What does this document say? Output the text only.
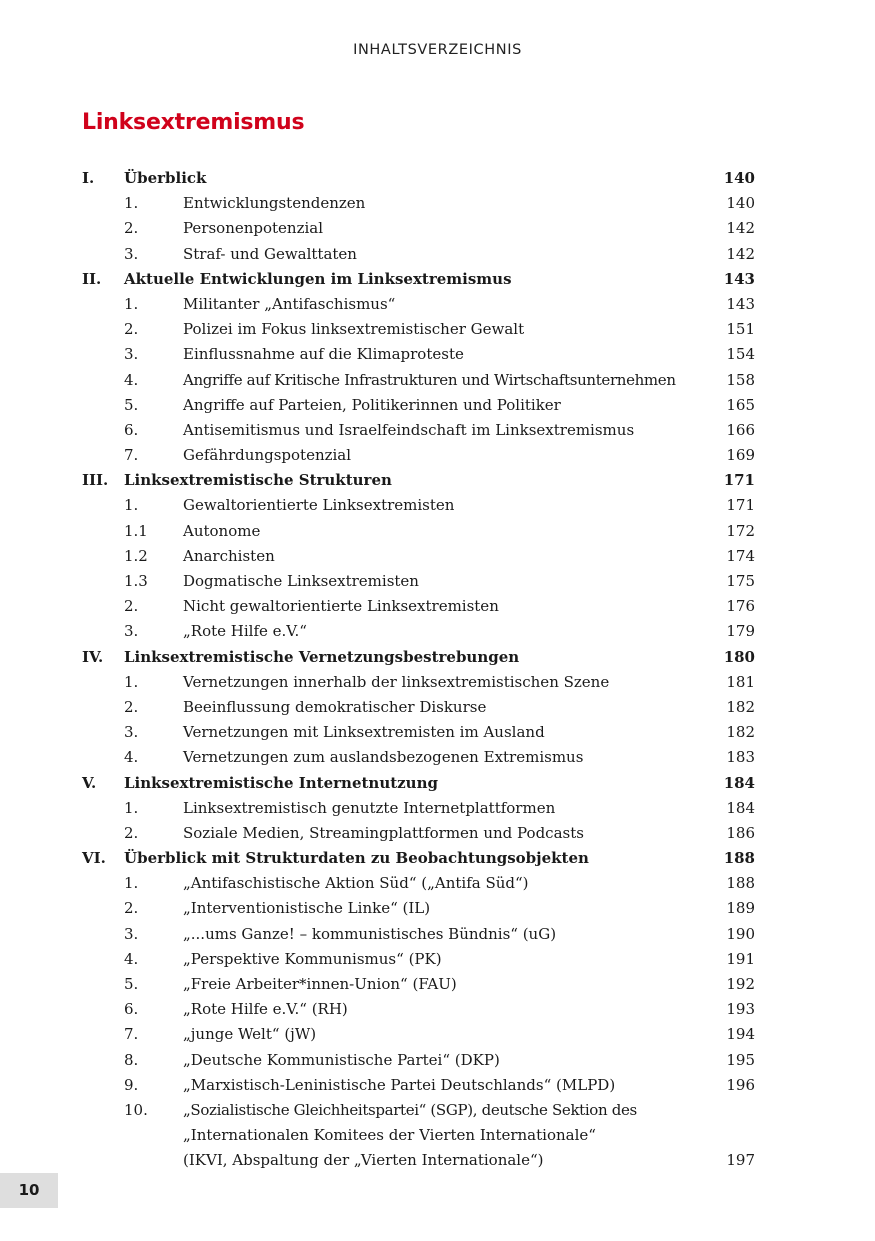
INHALTSVERZEICHNIS
Linksextremismus
I. Überblick	140
1.	Entwicklungstendenzen	140
2.	Personenpotenzial	142
3.	Straf- und Gewalttaten	142
II. Aktuelle Entwicklungen im Linksextremismus	143
1.	Militanter „Antifaschismus“	143
2.	Polizei im Fokus linksextremistischer Gewalt	151
3.	Einflussnahme auf die Klimaproteste	154
4.	Angriffe auf Kritische Infrastrukturen und Wirtschaftsunternehmen	158
5.	Angriffe auf Parteien, Politikerinnen und Politiker	165
6.	Antisemitismus und Israelfeindschaft im Linksextremismus	166
7.	Gefährdungspotenzial	169
III. Linksextremistische Strukturen	171
1.	Gewaltorientierte Linksextremisten	171
1.1 Autonome	172
1.2 Anarchisten	174
1.3 Dogmatische Linksextremisten	175
2.	Nicht gewaltorientierte Linksextremisten	176
3.	„Rote Hilfe e.V.“	179
IV. Linksextremistische Vernetzungsbestrebungen	180
1.	Vernetzungen innerhalb der linksextremistischen Szene	181
2.	Beeinflussung demokratischer Diskurse	182
3.	Vernetzungen mit Linksextremisten im Ausland	182
4.	Vernetzungen zum auslandsbezogenen Extremismus	183
V. Linksextremistische Internetnutzung	184
1.	Linksextremistisch genutzte Internetplattformen	184
2.	Soziale Medien, Streamingplattformen und Podcasts	186
VI. Überblick mit Strukturdaten zu Beobachtungsobjekten	188
1.	„Antifaschistische Aktion Süd“ („Antifa Süd“)	188
2.	„Interventionistische Linke“ (IL)	189
3.	„...ums Ganze! – kommunistisches Bündnis“ (uG)	190
4.	„Perspektive Kommunismus“ (PK)	191
5.	„Freie Arbeiter*innen-Union“ (FAU)	192
6.	„Rote Hilfe e.V.“ (RH)	193
7.	„junge Welt“ (jW)	194
8.	„Deutsche Kommunistische Partei“ (DKP)	195
9.	„Marxistisch-Leninistische Partei Deutschlands“ (MLPD)	196
10. „Sozialistische Gleichheitspartei“ (SGP), deutsche Sektion des
„Internationalen Komitees der Vierten Internationale“
(IKVI, Abspaltung der „Vierten Internationale“)	197
10
